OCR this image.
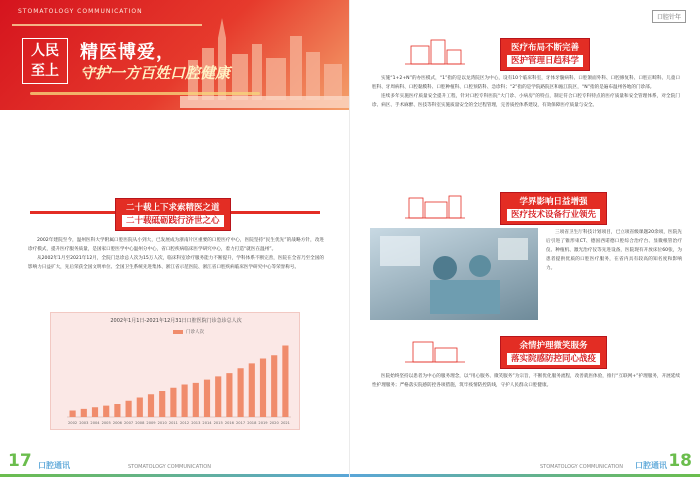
STOMATOLOGY COMMUNICATION
人民
至上
精医博爱，
守护一方百姓口腔健康
二十载上下求索精医之道
二十载砥砺践行济世之心

2002年建院至今，温州医科大学附属口腔医院从小到大，已发展成为浙南片区重要的口腔医疗中心，医院坚持“民生优先”的战略方针，改进诊疗模式，提升医疗服务质量，是国家口腔医学中心温州分中心，省口腔疾病临床医学研究中心，着力打造“就医在温州”。

从2002年1月至2021年12月，全院门急诊总人次为15万人次，临床科室诊疗服务能力不断提升，学科体系不断完善，医院在全省乃至全国的影响力日益扩大，先后荣获全国文明单位、全国卫生系统先进集体、浙江省示范医院、浙江省口腔疾病临床医学研究中心等荣誉称号。

2002年1月1日-2021年12月31日口腔医院门诊急诊总人次
门诊人次
2002 2003 2004 2005 2006 2007 2008 2009 2010 2011 2012 2013 2014 2015 2016 2017 2018 2019 2020 2021
17 口腔通讯	STOMATOLOGY COMMUNICATION
口腔针年
医疗布局不断完善
医护管理日趋科学

实施“1+2+N”的办医模式，“1”指的是以龙湾院区为中心，设有10个临床科室，牙体牙髓病科、口腔颌面外科、口腔修复科、口腔正畸科、儿童口腔科、牙周病科、口腔黏膜科、口腔种植科、口腔预防科、急诊科；“2”指的是学院路院区和瓯江院区，“N”指的是遍布温州各地的门诊部。

连续多年实施医疗质量安全提升工程，针对口腔专科医院“大门诊、小病房”的特点，制定符合口腔专科特点的医疗质量和安全管理体系，对全院门诊、病区、手术麻醉、医技等科室实施质量安全的全过程管理，完善质控体系建设，有效保障医疗质量与安全。

学界影响日益增强
医疗技术设备行业领先

三项省卫生厅科技计划项目，已立项省级课题20余项，医院先后引进了锥形束CT、德国西诺德口腔综合治疗台、显微根管治疗仪、种植机、激光治疗仪等先进设备，医院现有开放床位60张，为患者提供优质的口腔医疗服务，在省内具有较高的知名度和影响力。

余情护理微笑服务
落实院感防控同心战疫

医院始终坚持以患者为中心的服务理念，以“用心服务、微笑服务”为宗旨，不断优化服务流程，改善就医体验，推行“互联网+”护理服务，开展延续性护理服务；严格落实院感防控各项措施，筑牢疫情防控防线，守护人民群众口腔健康。

STOMATOLOGY COMMUNICATION 口腔通讯 18
